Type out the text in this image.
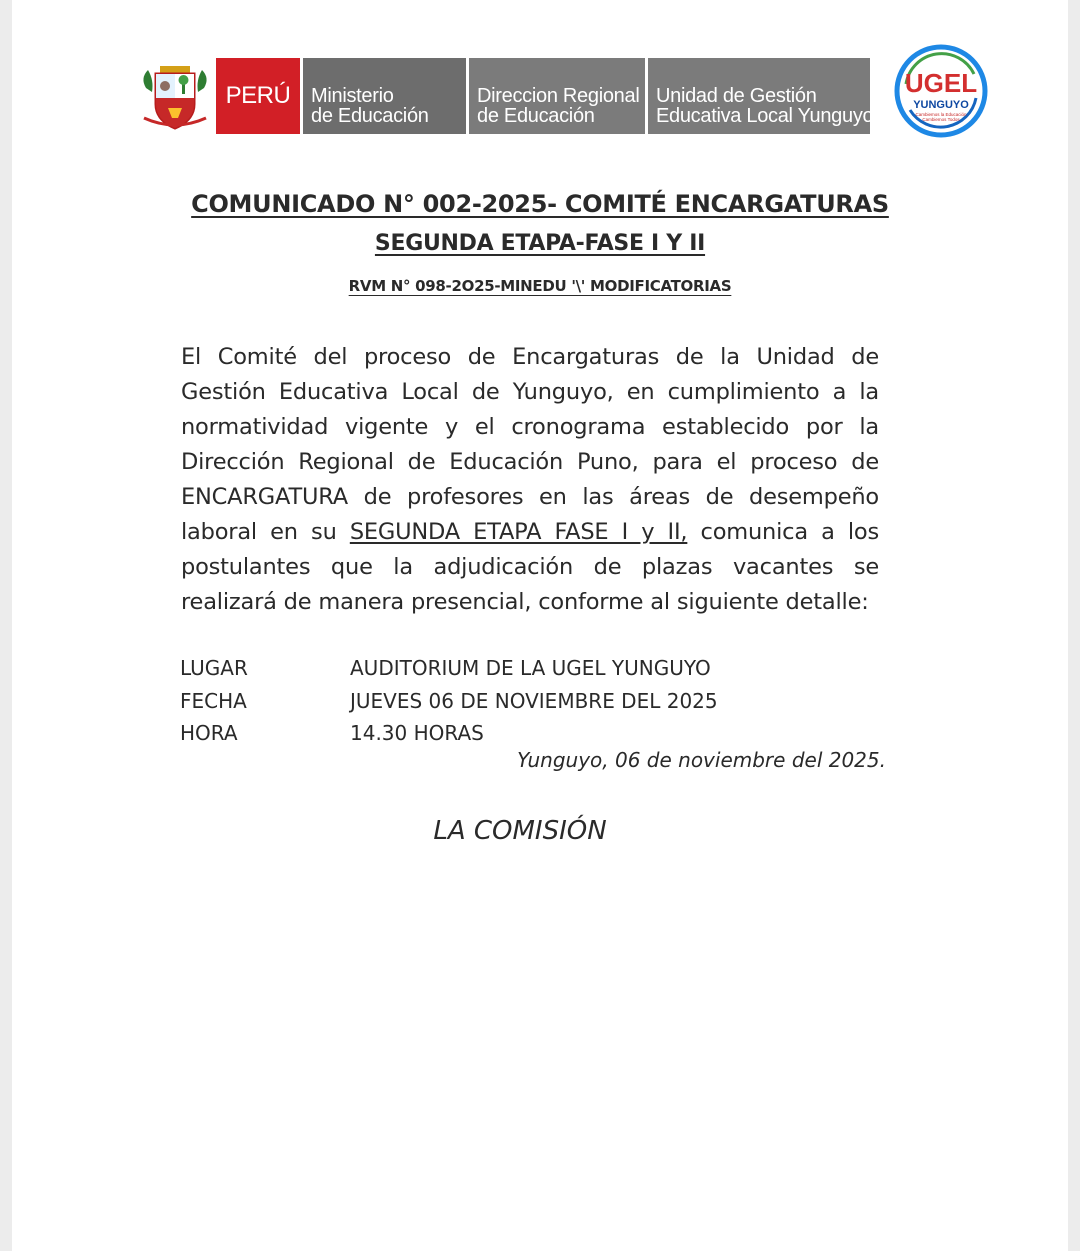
PERÚ Ministerio
de Educación
Direccion Regional
de Educación
Unidad de Gestión
Educativa Local Yunguyo
UGEL
YUNGUYO
Cambiemos la Educación
Cambiemos Todos
COMUNICADO N° 002-2025- COMITÉ ENCARGATURAS
SEGUNDA ETAPA-FASE I Y II
RVM N° 098-2O25-MINEDU '\' MODIFICATORIAS
El Comité del proceso de Encargaturas de la Unidad de Gestión Educativa Local de Yunguyo, en cumplimiento a la normatividad vigente y el cronograma establecido por la Dirección Regional de Educación Puno, para el proceso de ENCARGATURA de profesores en las áreas de desempeño laboral en su SEGUNDA ETAPA FASE I y II, comunica a los postulantes que la adjudicación de plazas vacantes se realizará de manera presencial, conforme al siguiente detalle:
LUGAR	AUDITORIUM DE LA UGEL YUNGUYO
FECHA	JUEVES 06 DE NOVIEMBRE DEL 2025
HORA	14.30 HORAS
Yunguyo, 06 de noviembre del 2025.
LA COMISIÓN
